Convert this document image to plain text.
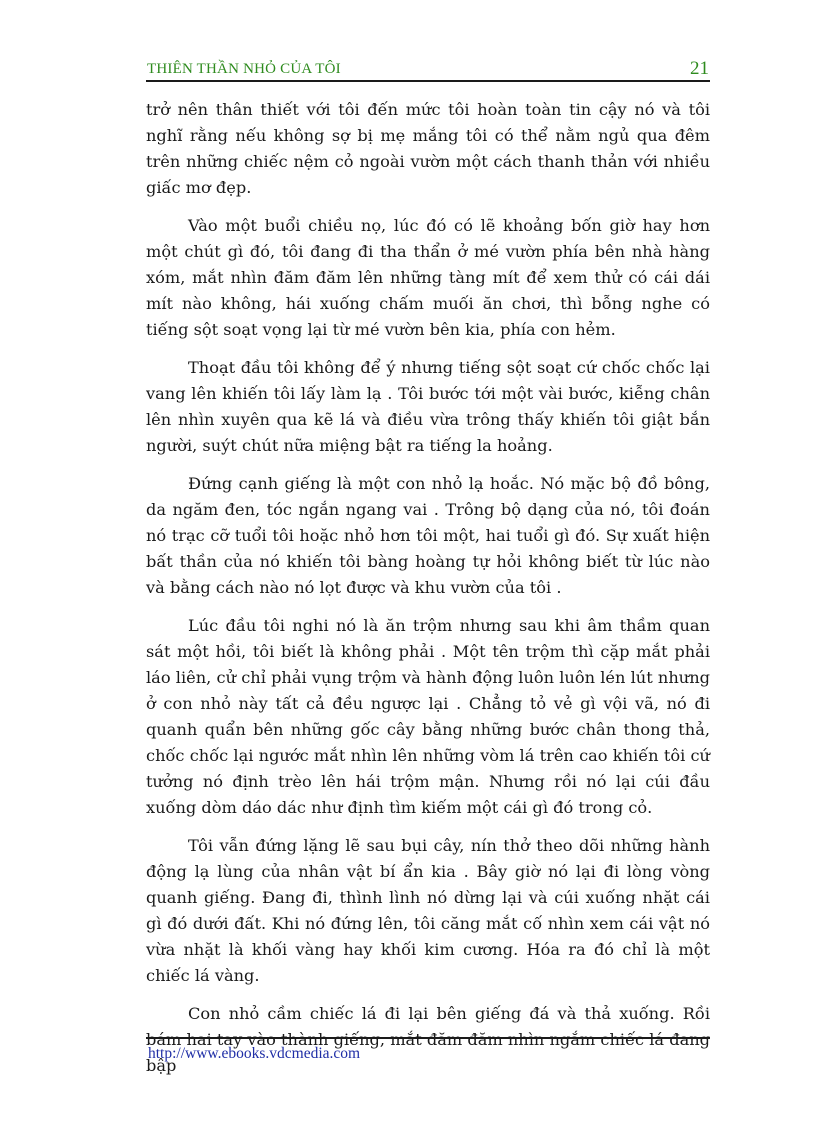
THIÊN THẦN NHỎ CỦA TÔI	21

trở nên thân thiết với tôi đến mức tôi hoàn toàn tin cậy nó và tôi nghĩ rằng nếu không sợ bị mẹ mắng tôi có thể nằm ngủ qua đêm trên những chiếc nệm cỏ ngoài vườn một cách thanh thản với nhiều giấc mơ đẹp.

Vào một buổi chiều nọ, lúc đó có lẽ khoảng bốn giờ hay hơn một chút gì đó, tôi đang đi tha thẩn ở mé vườn phía bên nhà hàng xóm, mắt nhìn đăm đăm lên những tàng mít để xem thử có cái dái mít nào không, hái xuống chấm muối ăn chơi, thì bỗng nghe có tiếng sột soạt vọng lại từ mé vườn bên kia, phía con hẻm.

Thoạt đầu tôi không để ý nhưng tiếng sột soạt cứ chốc chốc lại vang lên khiến tôi lấy làm lạ . Tôi bước tới một vài bước, kiễng chân lên nhìn xuyên qua kẽ lá và điều vừa trông thấy khiến tôi giật bắn người, suýt chút nữa miệng bật ra tiếng la hoảng.

Đứng cạnh giếng là một con nhỏ lạ hoắc. Nó mặc bộ đồ bông, da ngăm đen, tóc ngắn ngang vai . Trông bộ dạng của nó, tôi đoán nó trạc cỡ tuổi tôi hoặc nhỏ hơn tôi một, hai tuổi gì đó. Sự xuất hiện bất thần của nó khiến tôi bàng hoàng tự hỏi không biết từ lúc nào và bằng cách nào nó lọt được và khu vườn của tôi .

Lúc đầu tôi nghi nó là ăn trộm nhưng sau khi âm thầm quan sát một hồi, tôi biết là không phải . Một tên trộm thì cặp mắt phải láo liên, cử chỉ phải vụng trộm và hành động luôn luôn lén lút nhưng ở con nhỏ này tất cả đều ngược lại . Chẳng tỏ vẻ gì vội vã, nó đi quanh quẩn bên những gốc cây bằng những bước chân thong thả, chốc chốc lại ngước mắt nhìn lên những vòm lá trên cao khiến tôi cứ tưởng nó định trèo lên hái trộm mận. Nhưng rồi nó lại cúi đầu xuống dòm dáo dác như định tìm kiếm một cái gì đó trong cỏ.

Tôi vẫn đứng lặng lẽ sau bụi cây, nín thở theo dõi những hành động lạ lùng của nhân vật bí ẩn kia . Bây giờ nó lại đi lòng vòng quanh giếng. Đang đi, thình lình nó dừng lại và cúi xuống nhặt cái gì đó dưới đất. Khi nó đứng lên, tôi căng mắt cố nhìn xem cái vật nó vừa nhặt là khối vàng hay khối kim cương. Hóa ra đó chỉ là một chiếc lá vàng.

Con nhỏ cầm chiếc lá đi lại bên giếng đá và thả xuống. Rồi bám hai tay vào thành giếng, mắt đăm đăm nhìn ngắm chiếc lá đang bập

http://www.ebooks.vdcmedia.com
